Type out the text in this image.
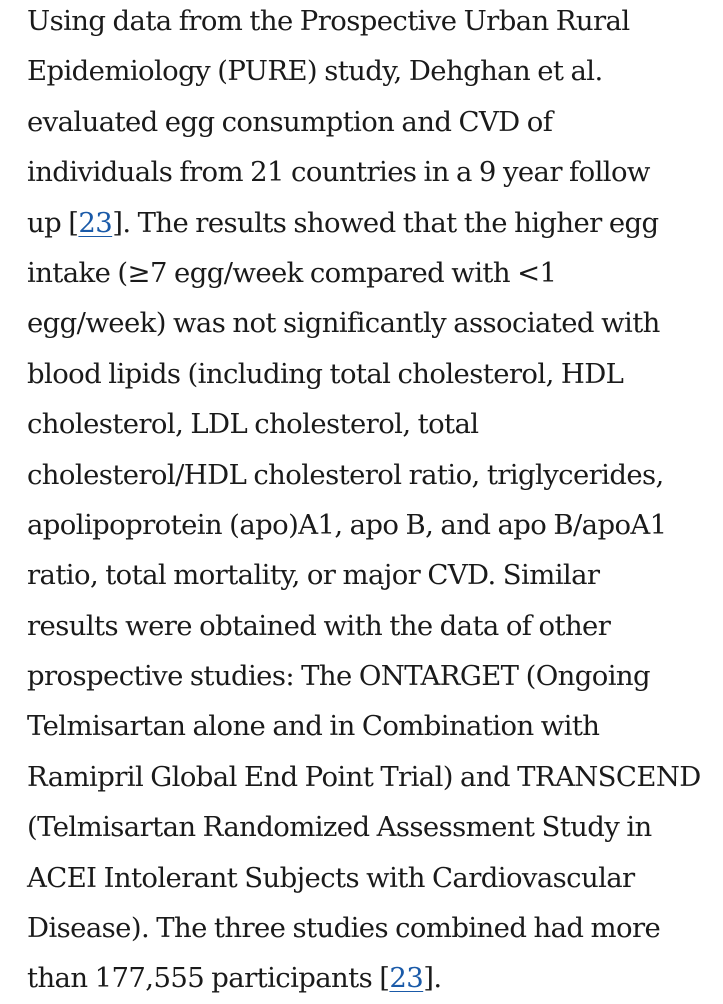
Using data from the Prospective Urban Rural
Epidemiology (PURE) study, Dehghan et al.
evaluated egg consumption and CVD of
individuals from 21 countries in a 9 year follow
up [23]. The results showed that the higher egg
intake (≥7 egg/week compared with <1
egg/week) was not significantly associated with
blood lipids (including total cholesterol, HDL
cholesterol, LDL cholesterol, total
cholesterol/HDL cholesterol ratio, triglycerides,
apolipoprotein (apo)A1, apo B, and apo B/apoA1
ratio, total mortality, or major CVD. Similar
results were obtained with the data of other
prospective studies: The ONTARGET (Ongoing
Telmisartan alone and in Combination with
Ramipril Global End Point Trial) and TRANSCEND
(Telmisartan Randomized Assessment Study in
ACEI Intolerant Subjects with Cardiovascular
Disease). The three studies combined had more
than 177,555 participants [23].
